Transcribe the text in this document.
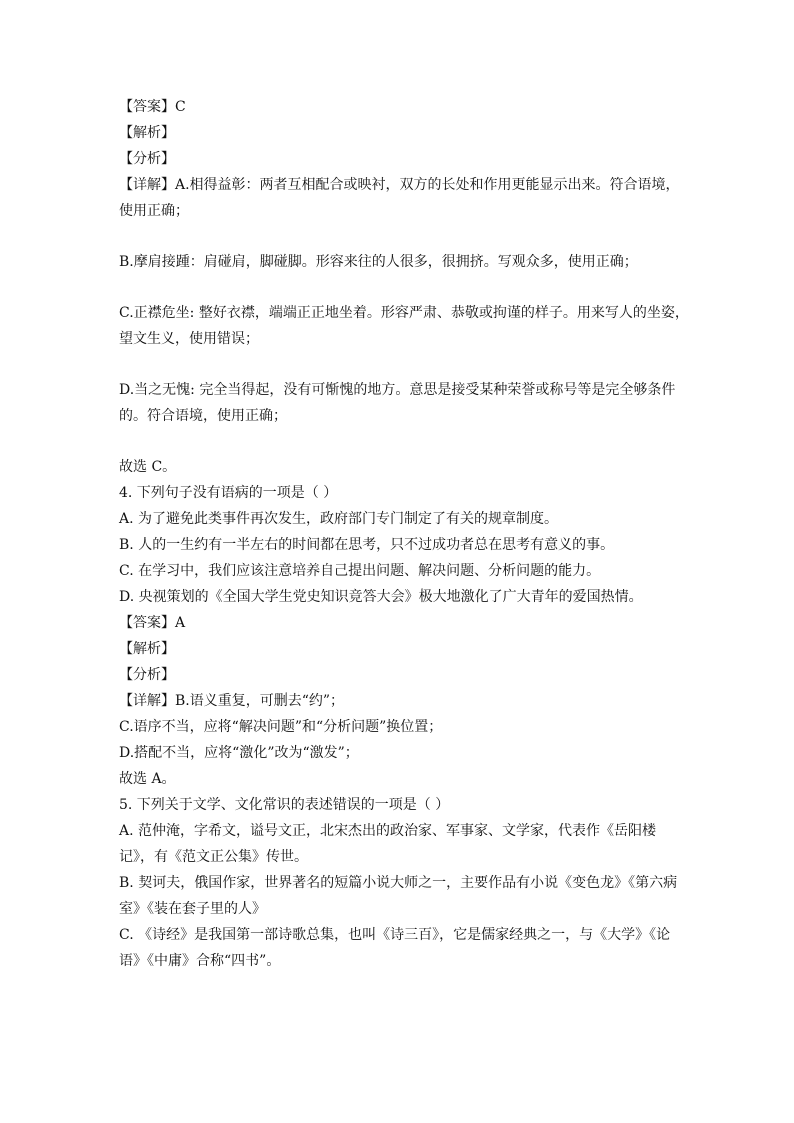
【答案】C
【解析】
【分析】
【详解】A.相得益彰：两者互相配合或映衬，双方的长处和作用更能显示出来。符合语境，
使用正确；
B.摩肩接踵：肩碰肩，脚碰脚。形容来往的人很多，很拥挤。写观众多，使用正确；
C.正襟危坐: 整好衣襟，端端正正地坐着。形容严肃、恭敬或拘谨的样子。用来写人的坐姿，
望文生义，使用错误；
D.当之无愧: 完全当得起，没有可惭愧的地方。意思是接受某种荣誉或称号等是完全够条件
的。符合语境，使用正确；
故选 C。
4. 下列句子没有语病的一项是（ ）
A. 为了避免此类事件再次发生，政府部门专门制定了有关的规章制度。
B. 人的一生约有一半左右的时间都在思考，只不过成功者总在思考有意义的事。
C. 在学习中，我们应该注意培养自己提出问题、解决问题、分析问题的能力。
D. 央视策划的《全国大学生党史知识竞答大会》极大地激化了广大青年的爱国热情。
【答案】A
【解析】
【分析】
【详解】B.语义重复，可删去“约”；
C.语序不当，应将“解决问题”和“分析问题”换位置；
D.搭配不当，应将“激化”改为“激发”；
故选 A。
5. 下列关于文学、文化常识的表述错误的一项是（ ）
A. 范仲淹，字希文，谥号文正，北宋杰出的政治家、军事家、文学家，代表作《岳阳楼
记》，有《范文正公集》传世。
B. 契诃夫，俄国作家，世界著名的短篇小说大师之一，主要作品有小说《变色龙》《第六病
室》《装在套子里的人》
C. 《诗经》是我国第一部诗歌总集，也叫《诗三百》，它是儒家经典之一，与《大学》《论
语》《中庸》合称“四书”。
